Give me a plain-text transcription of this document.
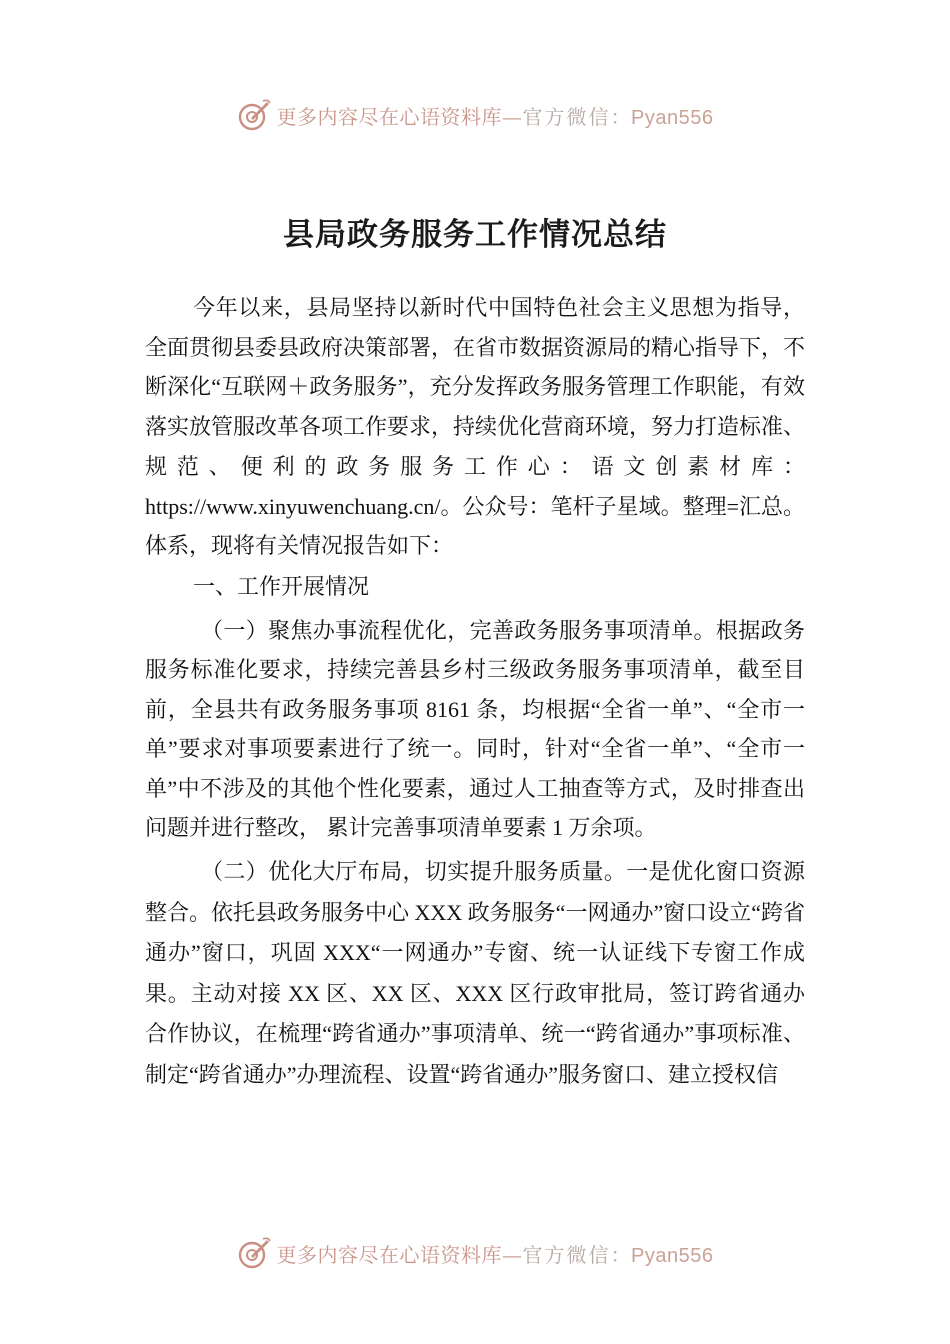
更多内容尽在心语资料库—官方微信：Pyan556
县局政务服务工作情况总结

今年以来，县局坚持以新时代中国特色社会主义思想为指导，全面贯彻县委县政府决策部署，在省市数据资源局的精心指导下，不断深化“互联网＋政务服务”，充分发挥政务服务管理工作职能，有效落实放管服改革各项工作要求，持续优化营商环境，努力打造标准、规范、便利的政务服务工作心：语文创素材库：https://www.xinyuwenchuang.cn/。公众号：笔杆子星域。整理=汇总。体系，现将有关情况报告如下：

一、工作开展情况

（一）聚焦办事流程优化，完善政务服务事项清单。根据政务服务标准化要求，持续完善县乡村三级政务服务事项清单，截至目前，全县共有政务服务事项 8161 条，均根据“全省一单”、“全市一单”要求对事项要素进行了统一。同时，针对“全省一单”、“全市一单”中不涉及的其他个性化要素，通过人工抽查等方式，及时排查出问题并进行整改， 累计完善事项清单要素 1 万余项。

（二）优化大厅布局，切实提升服务质量。一是优化窗口资源整合。依托县政务服务中心 XXX 政务服务“一网通办”窗口设立“跨省通办”窗口，巩固 XXX“一网通办”专窗、统一认证线下专窗工作成果。主动对接 XX 区、XX 区、XXX 区行政审批局，签订跨省通办合作协议，在梳理“跨省通办”事项清单、统一“跨省通办”事项标准、制定“跨省通办”办理流程、设置“跨省通办”服务窗口、建立授权信

更多内容尽在心语资料库—官方微信：Pyan556
